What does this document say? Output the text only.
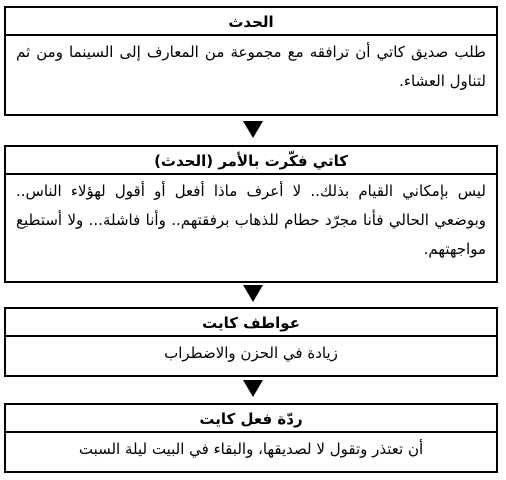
الحدث
طلب صديق كاتي أن ترافقه مع مجموعة من المعارف إلى السينما ومن ثم لتناول العشاء.
كاتي فكّرت بالأمر (الحدث)
ليس بإمكاني القيام بذلك.. لا أعرف ماذا أفعل أو أقول لهؤلاء الناس.. وبوضعي الحالي فأنا مجرّد حطام للذهاب برفقتهم.. وأنا فاشلة... ولا أستطيع مواجهتهم.
عواطف كايت
زيادة في الحزن والاضطراب
ردّة فعل كايت
أن تعتذر وتقول لا لصديقها، والبقاء في البيت ليلة السبت
